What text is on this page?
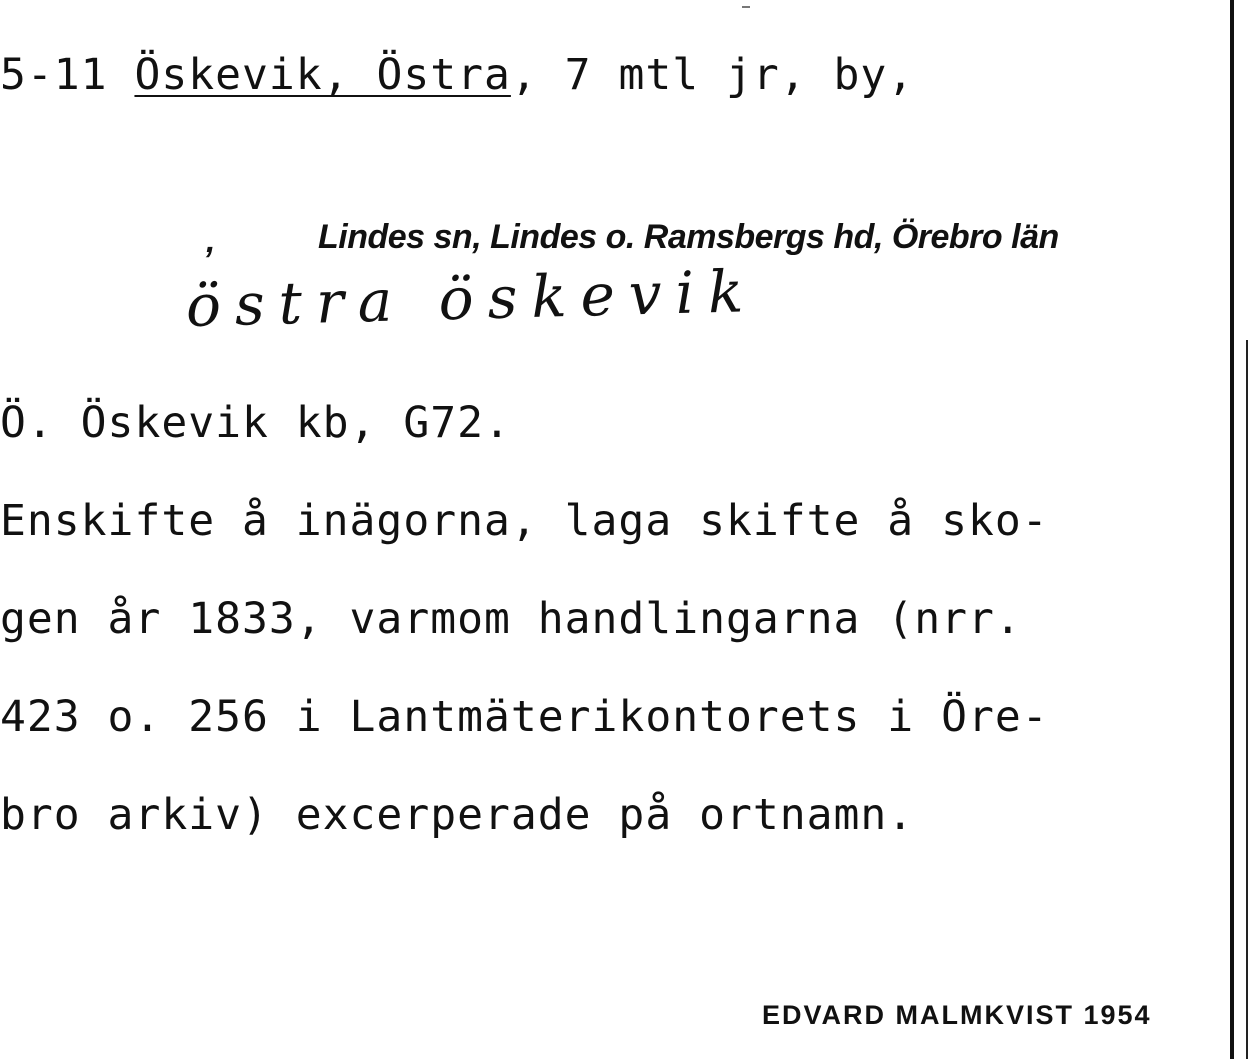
5-11 Öskevik, Östra, 7 mtl jr, by,
,	Lindes sn, Lindes o. Ramsbergs hd, Örebro län
östra öskevik
Ö. Öskevik kb, G72.
Enskifte å inägorna, laga skifte å sko-
gen år 1833, varmom handlingarna (nrr.
423 o. 256 i Lantmäterikontorets i Öre-
bro arkiv) excerperade på ortnamn.
EDVARD MALMKVIST 1954
